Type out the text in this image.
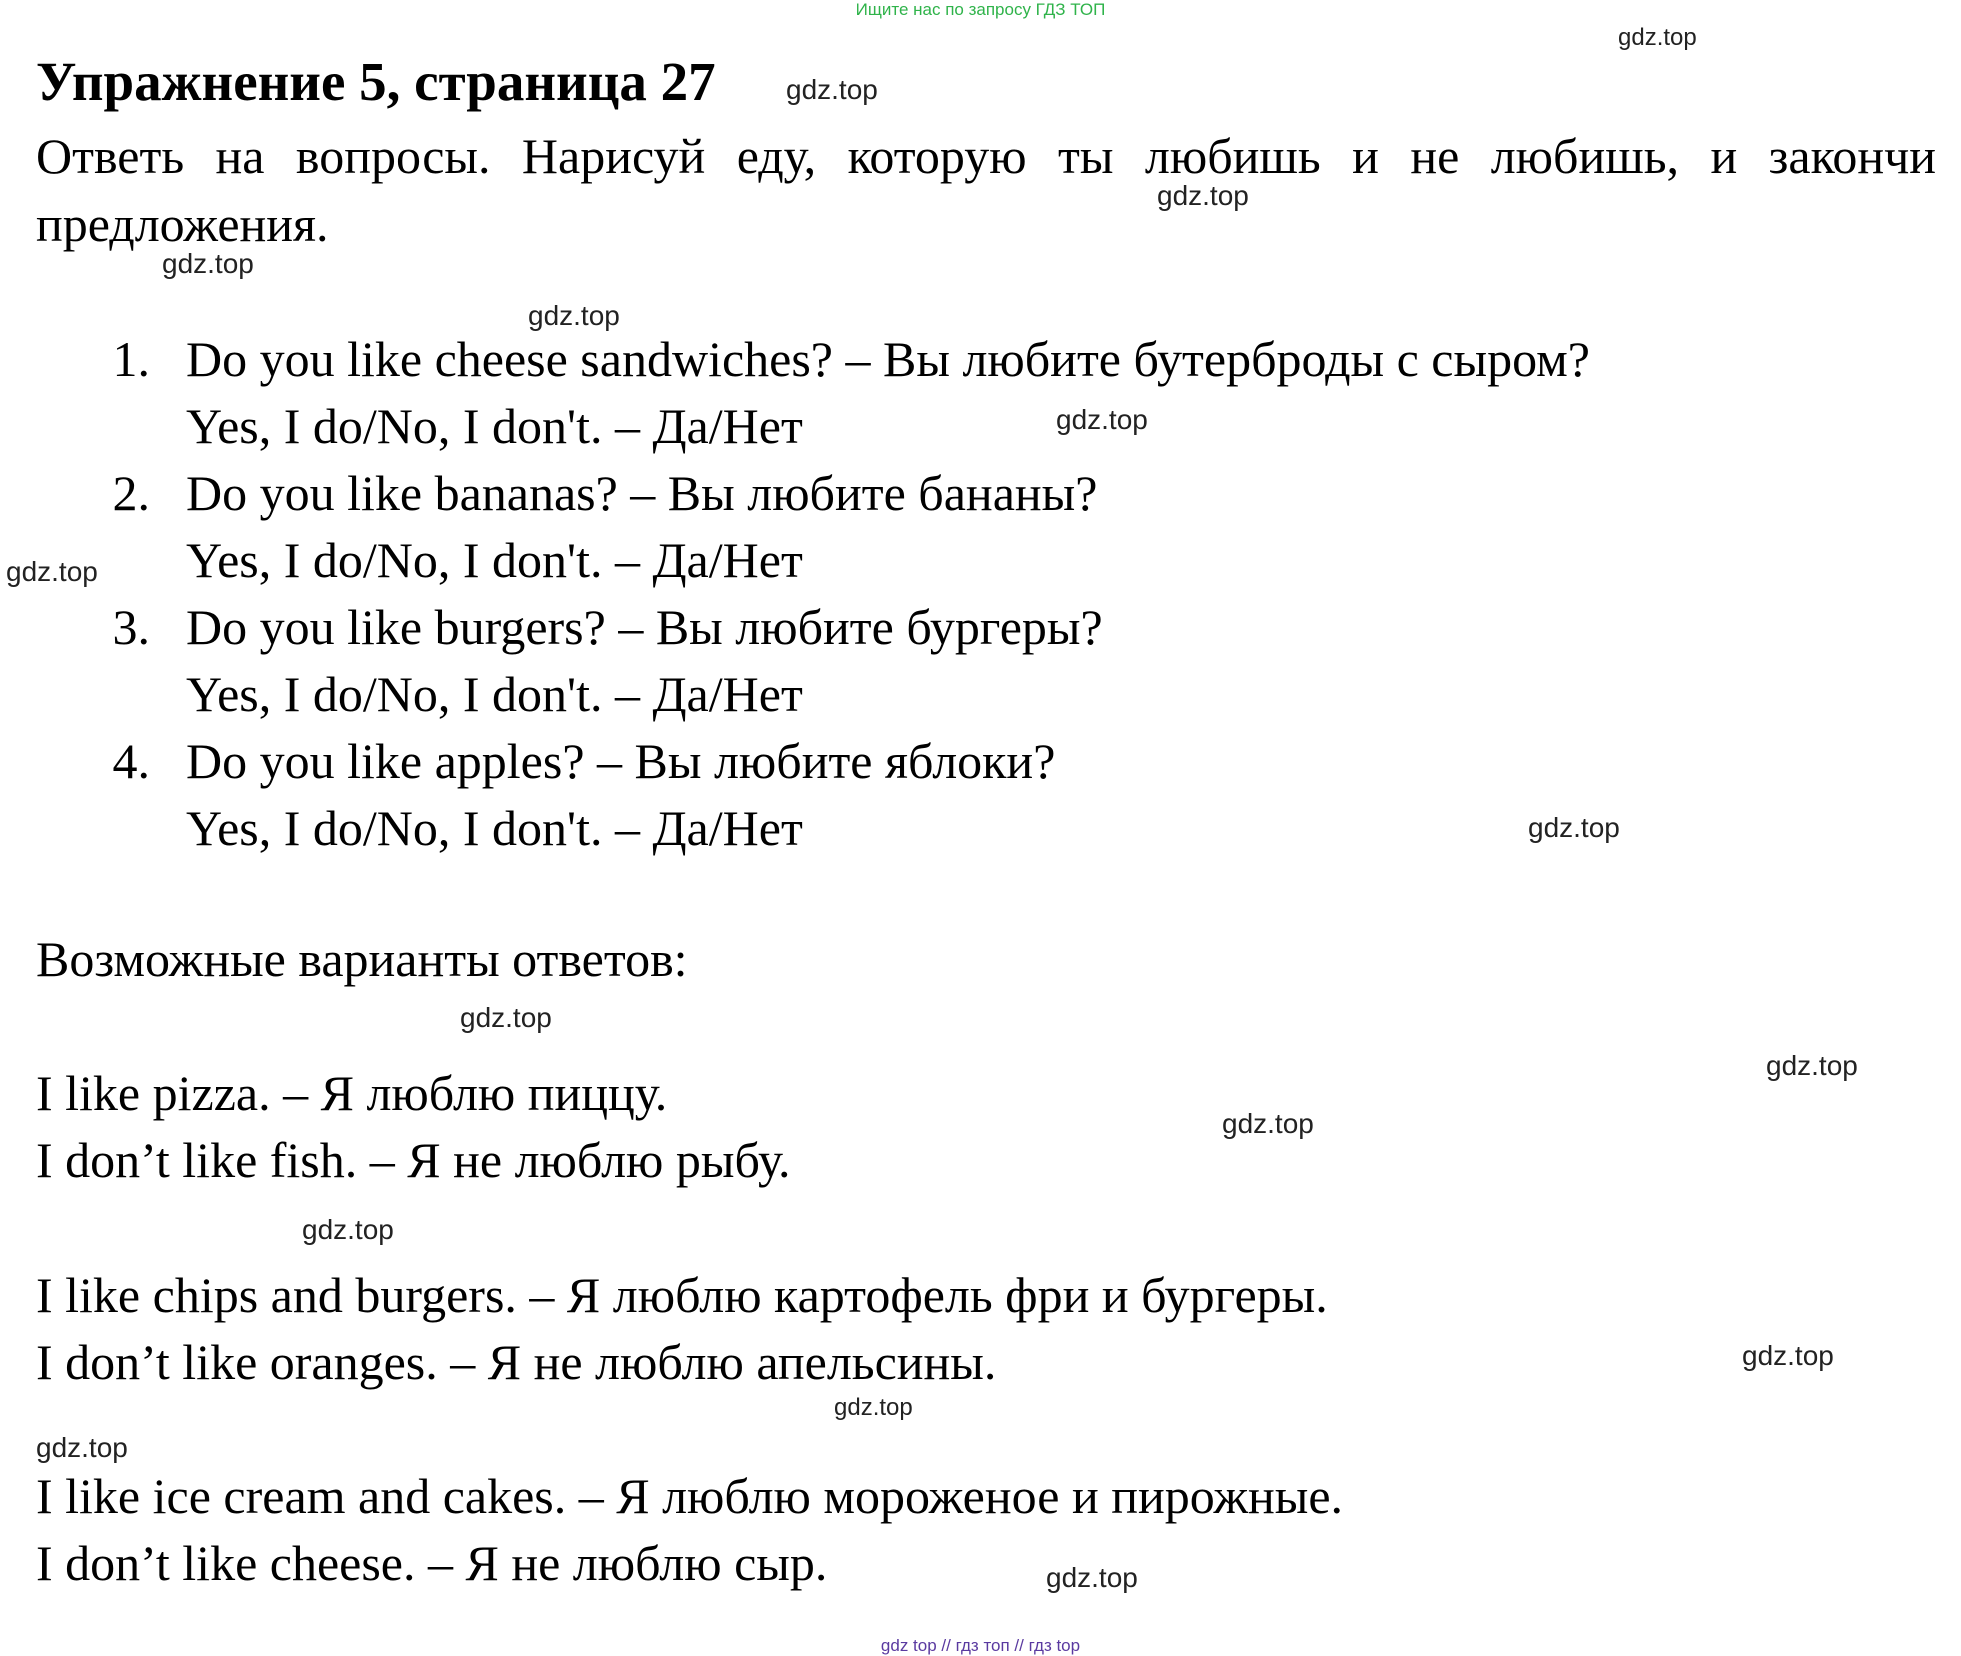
Ищите нас по запросу ГДЗ ТОП
Упражнение 5, страница 27
Ответь на вопросы. Нарисуй еду, которую ты любишь и не любишь, и закончи предложения.
1. Do you like cheese sandwiches? – Вы любите бутерброды с сыром?
Yes, I do/No, I don't. – Да/Нет
2. Do you like bananas? – Вы любите бананы?
Yes, I do/No, I don't. – Да/Нет
3. Do you like burgers? – Вы любите бургеры?
Yes, I do/No, I don't. – Да/Нет
4. Do you like apples? – Вы любите яблоки?
Yes, I do/No, I don't. – Да/Нет
Возможные варианты ответов:
I like pizza. – Я люблю пиццу.
I don’t like fish. – Я не люблю рыбу.
I like chips and burgers. – Я люблю картофель фри и бургеры.
I don’t like oranges. – Я не люблю апельсины.
I like ice cream and cakes. – Я люблю мороженое и пирожные.
I don’t like cheese. – Я не люблю сыр.
gdz.top
gdz.top
gdz.top
gdz.top
gdz.top
gdz.top
gdz.top
gdz.top
gdz.top
gdz.top
gdz.top
gdz.top
gdz.top
gdz.top
gdz.top
gdz.top
gdz top // гдз топ // гдз top
